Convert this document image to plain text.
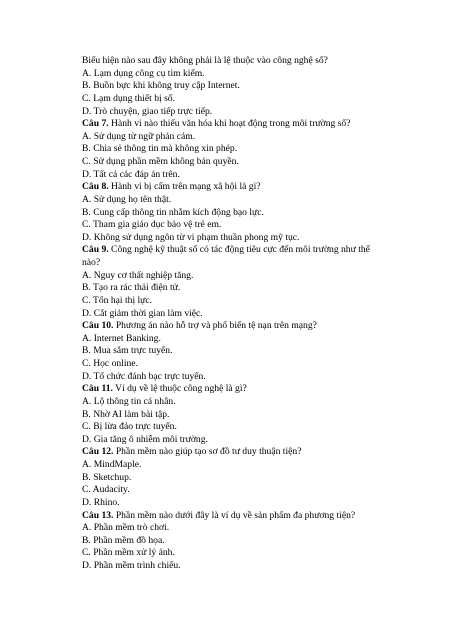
Biểu hiện nào sau đây không phải là lệ thuộc vào công nghệ số?
A. Lạm dụng công cụ tìm kiếm.
B. Buồn bực khi không truy cập Internet.
C. Lạm dụng thiết bị số.
D. Trò chuyện, giao tiếp trực tiếp.
Câu 7. Hành vi nào thiếu văn hóa khi hoạt động trong môi trường số?
A. Sử dụng từ ngữ phản cảm.
B. Chia sẻ thông tin mà không xin phép.
C. Sử dụng phần mềm không bản quyền.
D. Tất cả các đáp án trên.
Câu 8. Hành vi bị cấm trên mạng xã hội là gì?
A. Sử dụng họ tên thật.
B. Cung cấp thông tin nhằm kích động bạo lực.
C. Tham gia giáo dục bảo vệ trẻ em.
D. Không sử dụng ngôn từ vi phạm thuần phong mỹ tục.
Câu 9. Công nghệ kỹ thuật số có tác động tiêu cực đến môi trường như thế nào?
A. Nguy cơ thất nghiệp tăng.
B. Tạo ra rác thải điện tử.
C. Tổn hại thị lực.
D. Cắt giảm thời gian làm việc.
Câu 10. Phương án nào hỗ trợ và phổ biến tệ nạn trên mạng?
A. Internet Banking.
B. Mua sắm trực tuyến.
C. Học online.
D. Tổ chức đánh bạc trực tuyến.
Câu 11. Ví dụ về lệ thuộc công nghệ là gì?
A. Lộ thông tin cá nhân.
B. Nhờ AI làm bài tập.
C. Bị lừa đảo trực tuyến.
D. Gia tăng ô nhiễm môi trường.
Câu 12. Phần mềm nào giúp tạo sơ đồ tư duy thuận tiện?
A. MindMaple.
B. Sketchup.
C. Audacity.
D. Rhino.
Câu 13. Phần mềm nào dưới đây là ví dụ về sản phẩm đa phương tiện?
A. Phần mềm trò chơi.
B. Phần mềm đồ họa.
C. Phần mềm xử lý ảnh.
D. Phần mềm trình chiếu.
